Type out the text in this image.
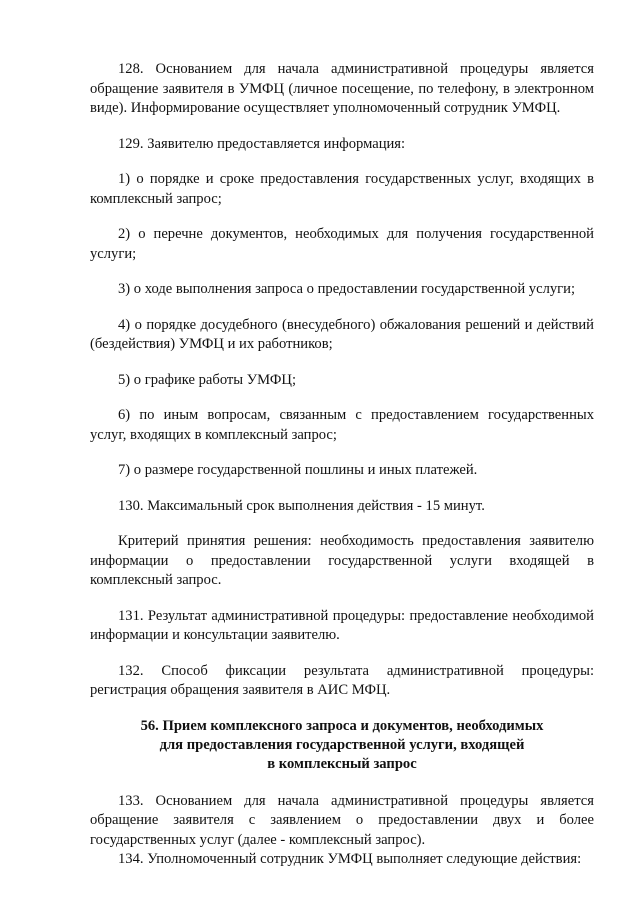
128. Основанием для начала административной процедуры является обращение заявителя в УМФЦ (личное посещение, по телефону, в электронном виде). Информирование осуществляет уполномоченный сотрудник УМФЦ.

129. Заявителю предоставляется информация:

1) о порядке и сроке предоставления государственных услуг, входящих в комплексный запрос;

2) о перечне документов, необходимых для получения государственной услуги;

3) о ходе выполнения запроса о предоставлении государственной услуги;

4) о порядке досудебного (внесудебного) обжалования решений и действий (бездействия) УМФЦ и их работников;

5) о графике работы УМФЦ;

6) по иным вопросам, связанным с предоставлением государственных услуг, входящих в комплексный запрос;

7) о размере государственной пошлины и иных платежей.

130. Максимальный срок выполнения действия - 15 минут.

Критерий принятия решения: необходимость предоставления заявителю информации о предоставлении государственной услуги входящей в комплексный запрос.

131. Результат административной процедуры: предоставление необходимой информации и консультации заявителю.

132. Способ фиксации результата административной процедуры: регистрация обращения заявителя в АИС МФЦ.

56. Прием комплексного запроса и документов, необходимых
для предоставления государственной услуги, входящей
в комплексный запрос

133. Основанием для начала административной процедуры является обращение заявителя с заявлением о предоставлении двух и более государственных услуг (далее - комплексный запрос).

134. Уполномоченный сотрудник УМФЦ выполняет следующие действия:
